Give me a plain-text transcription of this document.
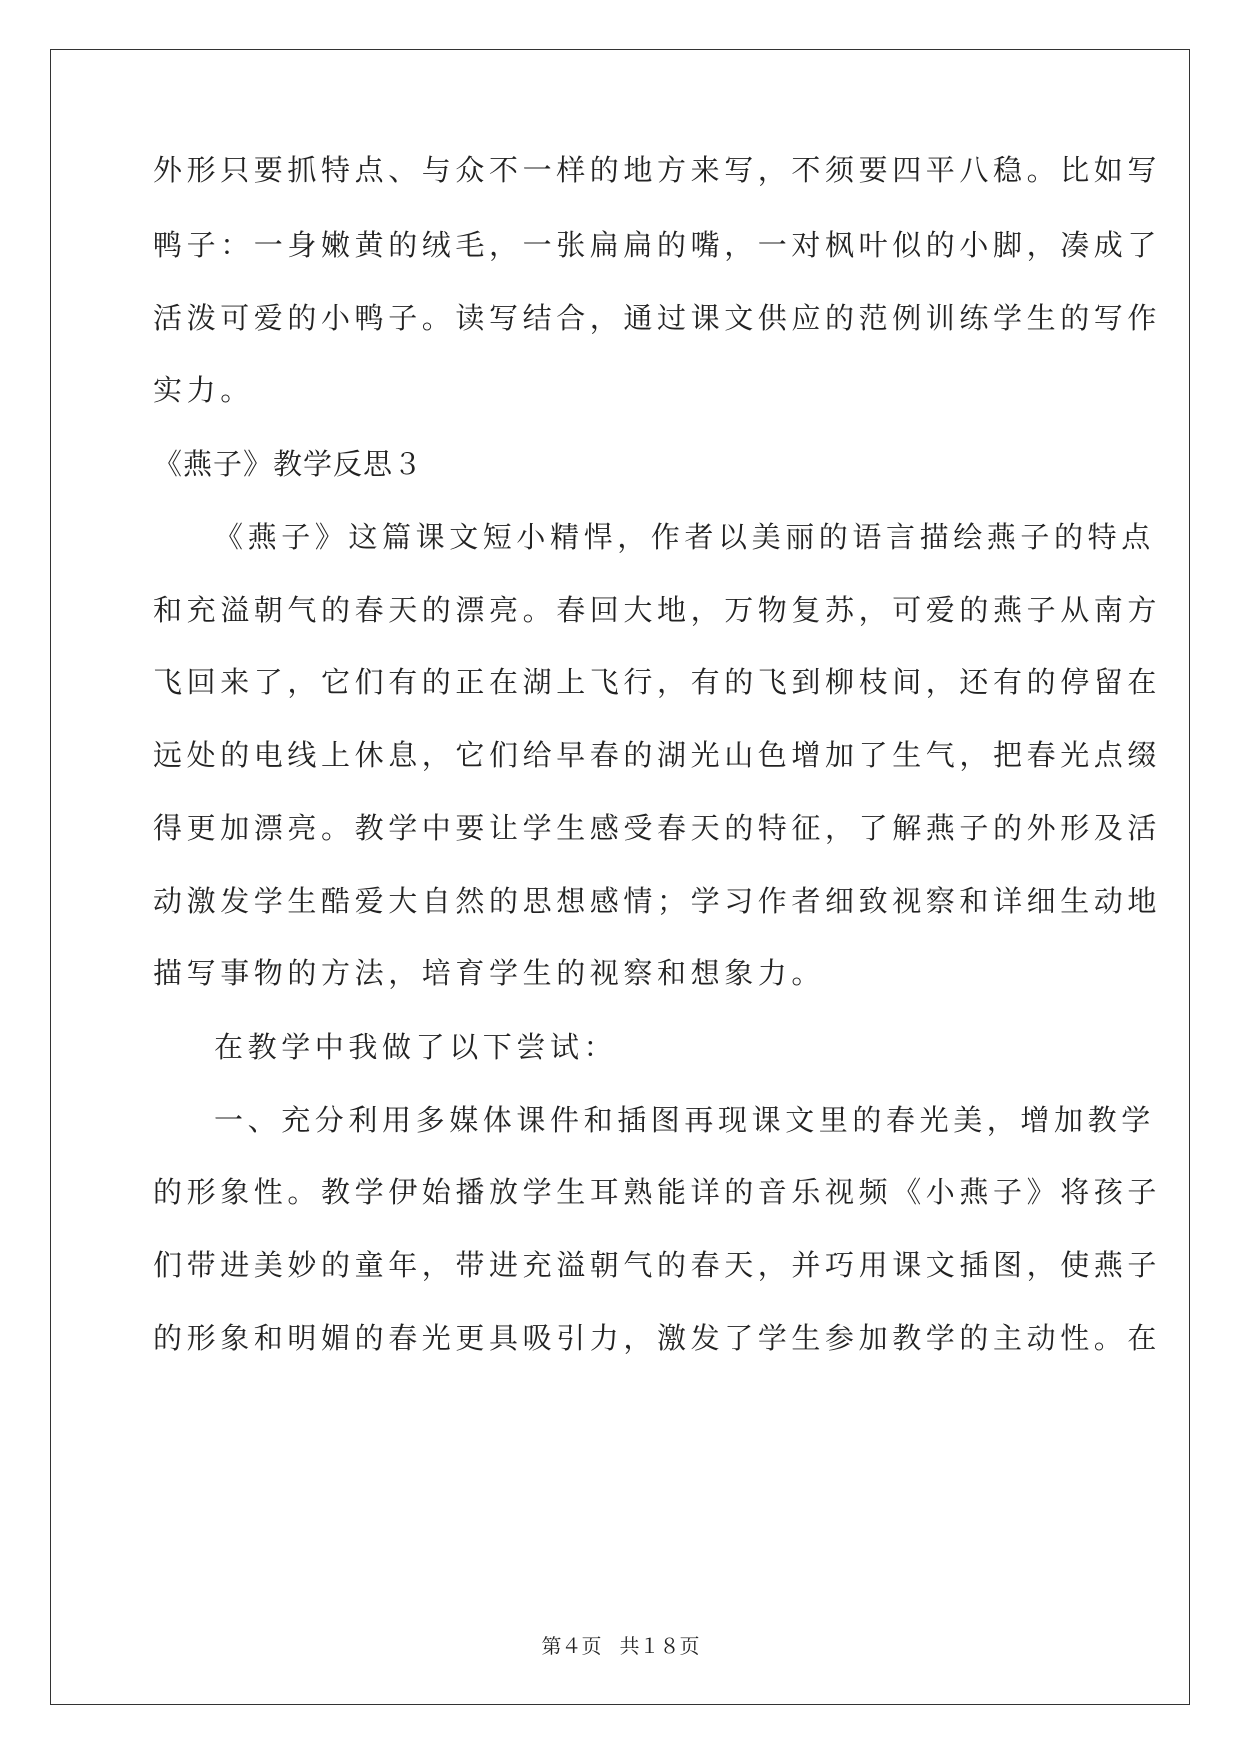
外形只要抓特点、与众不一样的地方来写，不须要四平八稳。比如写
鸭子：一身嫩黄的绒毛，一张扁扁的嘴，一对枫叶似的小脚，凑成了
活泼可爱的小鸭子。读写结合，通过课文供应的范例训练学生的写作
实力。
《燕子》教学反思３
《燕子》这篇课文短小精悍，作者以美丽的语言描绘燕子的特点
和充溢朝气的春天的漂亮。春回大地，万物复苏，可爱的燕子从南方
飞回来了，它们有的正在湖上飞行，有的飞到柳枝间，还有的停留在
远处的电线上休息，它们给早春的湖光山色增加了生气，把春光点缀
得更加漂亮。教学中要让学生感受春天的特征，了解燕子的外形及活
动激发学生酷爱大自然的思想感情；学习作者细致视察和详细生动地
描写事物的方法，培育学生的视察和想象力。
在教学中我做了以下尝试：
一、充分利用多媒体课件和插图再现课文里的春光美，增加教学
的形象性。教学伊始播放学生耳熟能详的音乐视频《小燕子》将孩子
们带进美妙的童年，带进充溢朝气的春天，并巧用课文插图，使燕子
的形象和明媚的春光更具吸引力，激发了学生参加教学的主动性。在
第４页 共１８页
